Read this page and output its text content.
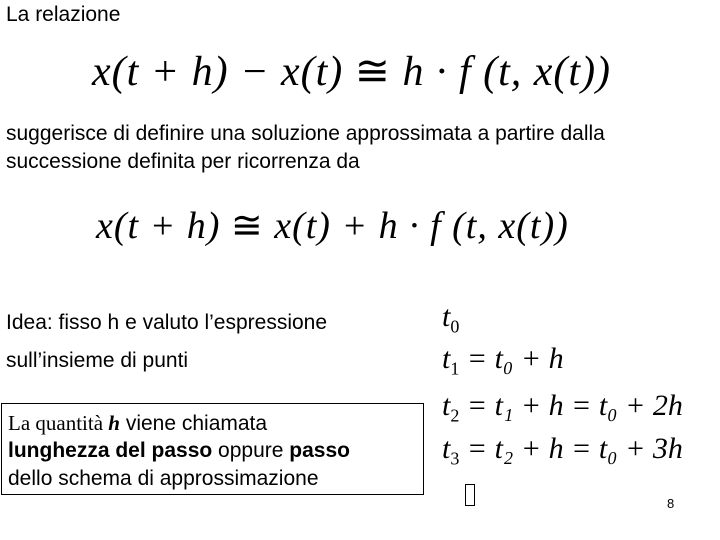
La relazione
x(t + h) − x(t) ≅ h · f (t, x(t))
suggerisce di definire una soluzione approssimata a partire dalla
successione definita per ricorrenza da
x(t + h) ≅ x(t) + h · f (t, x(t))
Idea: fisso h e valuto l’espressione
sull’insieme di punti
$t_0$
$t_1 = t_0 + h$
$t_2 = t_1 + h = t_0 + 2h$
$t_3 = t_2 + h = t_0 + 3h$
La quantità h viene chiamata
lunghezza del passo oppure passo
dello schema di approssimazione
8
